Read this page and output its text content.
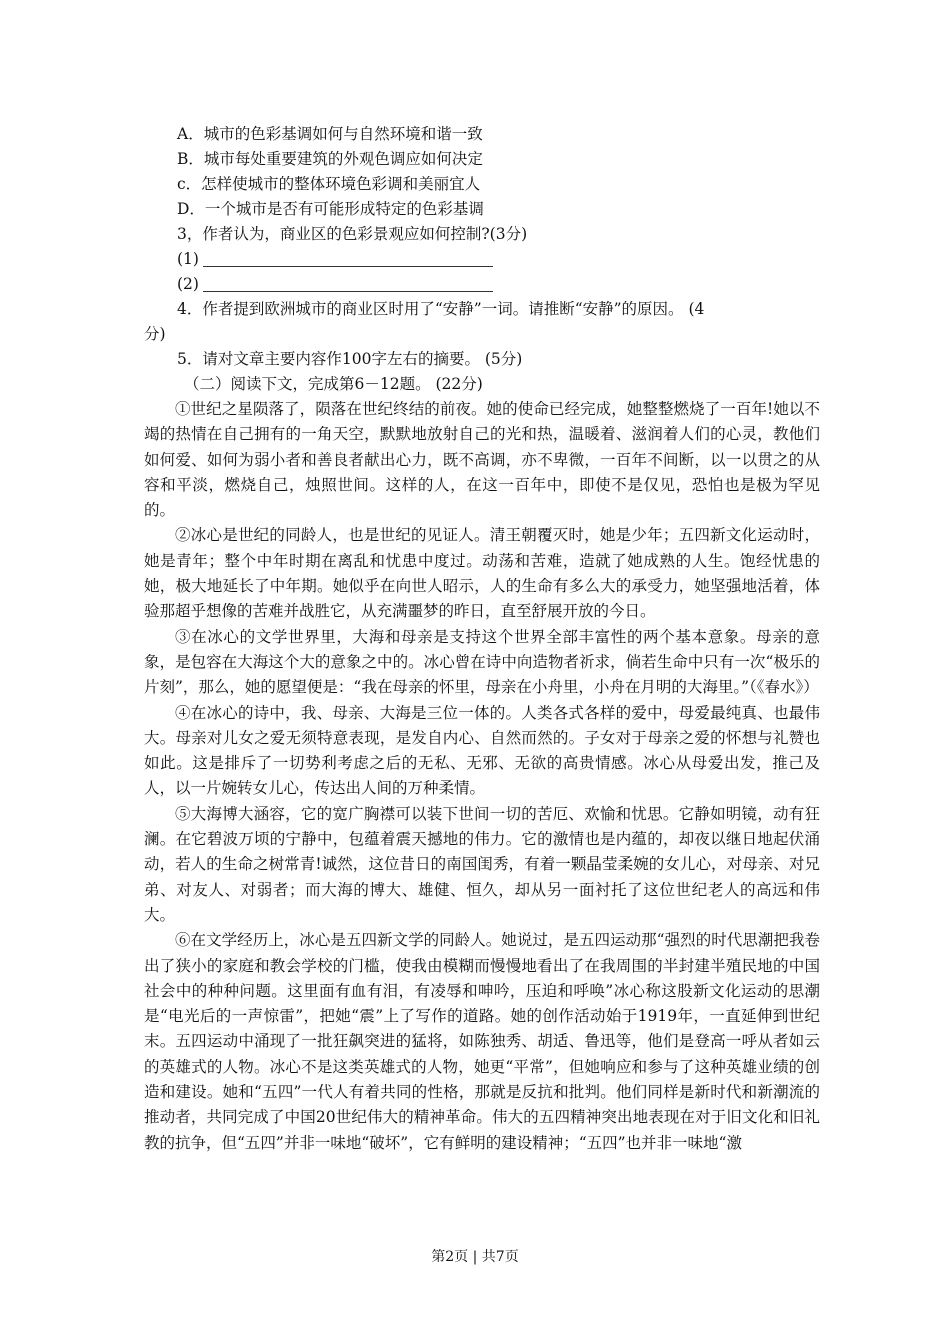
A．城市的色彩基调如何与自然环境和谐一致
B．城市每处重要建筑的外观色调应如何决定
c．怎样使城市的整体环境色彩调和美丽宜人
D．一个城市是否有可能形成特定的色彩基调
3，作者认为，商业区的色彩景观应如何控制?(3分)
(1)
(2)
4．作者提到欧洲城市的商业区时用了“安静”一词。请推断“安静”的原因。 (4
分)
5．请对文章主要内容作100字左右的摘要。 (5分)
（二）阅读下文，完成第6－12题。 (22分)

①世纪之星陨落了，陨落在世纪终结的前夜。她的使命已经完成，她整整燃烧了一百年!她以不竭的热情在自己拥有的一角天空，默默地放射自己的光和热，温暖着、滋润着人们的心灵，教他们如何爱、如何为弱小者和善良者献出心力，既不高调，亦不卑微，一百年不间断，以一以贯之的从容和平淡，燃烧自己，烛照世间。这样的人，在这一百年中，即使不是仅见，恐怕也是极为罕见的。

②冰心是世纪的同龄人，也是世纪的见证人。清王朝覆灭时，她是少年；五四新文化运动时，她是青年；整个中年时期在离乱和忧患中度过。动荡和苦难，造就了她成熟的人生。饱经忧患的她，极大地延长了中年期。她似乎在向世人昭示，人的生命有多么大的承受力，她坚强地活着，体验那超乎想像的苦难并战胜它，从充满噩梦的昨日，直至舒展开放的今日。

③在冰心的文学世界里，大海和母亲是支持这个世界全部丰富性的两个基本意象。母亲的意象，是包容在大海这个大的意象之中的。冰心曾在诗中向造物者祈求，倘若生命中只有一次“极乐的片刻”，那么，她的愿望便是：“我在母亲的怀里，母亲在小舟里，小舟在月明的大海里。”（《春水》）

④在冰心的诗中，我、母亲、大海是三位一体的。人类各式各样的爱中，母爱最纯真、也最伟大。母亲对儿女之爱无须特意表现，是发自内心、自然而然的。子女对于母亲之爱的怀想与礼赞也如此。这是排斥了一切势利考虑之后的无私、无邪、无欲的高贵情感。冰心从母爱出发，推己及人，以一片婉转女儿心，传达出人间的万种柔情。

⑤大海博大涵容，它的宽广胸襟可以装下世间一切的苦厄、欢愉和忧思。它静如明镜，动有狂澜。在它碧波万顷的宁静中，包蕴着震天撼地的伟力。它的激情也是内蕴的，却夜以继日地起伏涌动，若人的生命之树常青!诚然，这位昔日的南国闺秀，有着一颗晶莹柔婉的女儿心，对母亲、对兄弟、对友人、对弱者；而大海的博大、雄健、恒久，却从另一面衬托了这位世纪老人的高远和伟大。

⑥在文学经历上，冰心是五四新文学的同龄人。她说过，是五四运动那“强烈的时代思潮把我卷出了狭小的家庭和教会学校的门槛，使我由模糊而慢慢地看出了在我周围的半封建半殖民地的中国社会中的种种问题。这里面有血有泪，有凌辱和呻吟，压迫和呼唤”冰心称这股新文化运动的思潮是“电光后的一声惊雷”，把她“震”上了写作的道路。她的创作活动始于1919年，一直延伸到世纪末。五四运动中涌现了一批狂飙突进的猛将，如陈独秀、胡适、鲁迅等，他们是登高一呼从者如云的英雄式的人物。冰心不是这类英雄式的人物，她更“平常”，但她响应和参与了这种英雄业绩的创造和建设。她和“五四”一代人有着共同的性格，那就是反抗和批判。他们同样是新时代和新潮流的推动者，共同完成了中国20世纪伟大的精神革命。伟大的五四精神突出地表现在对于旧文化和旧礼教的抗争，但“五四”并非一味地“破坏”，它有鲜明的建设精神；“五四”也并非一味地“激

第2页 | 共7页
